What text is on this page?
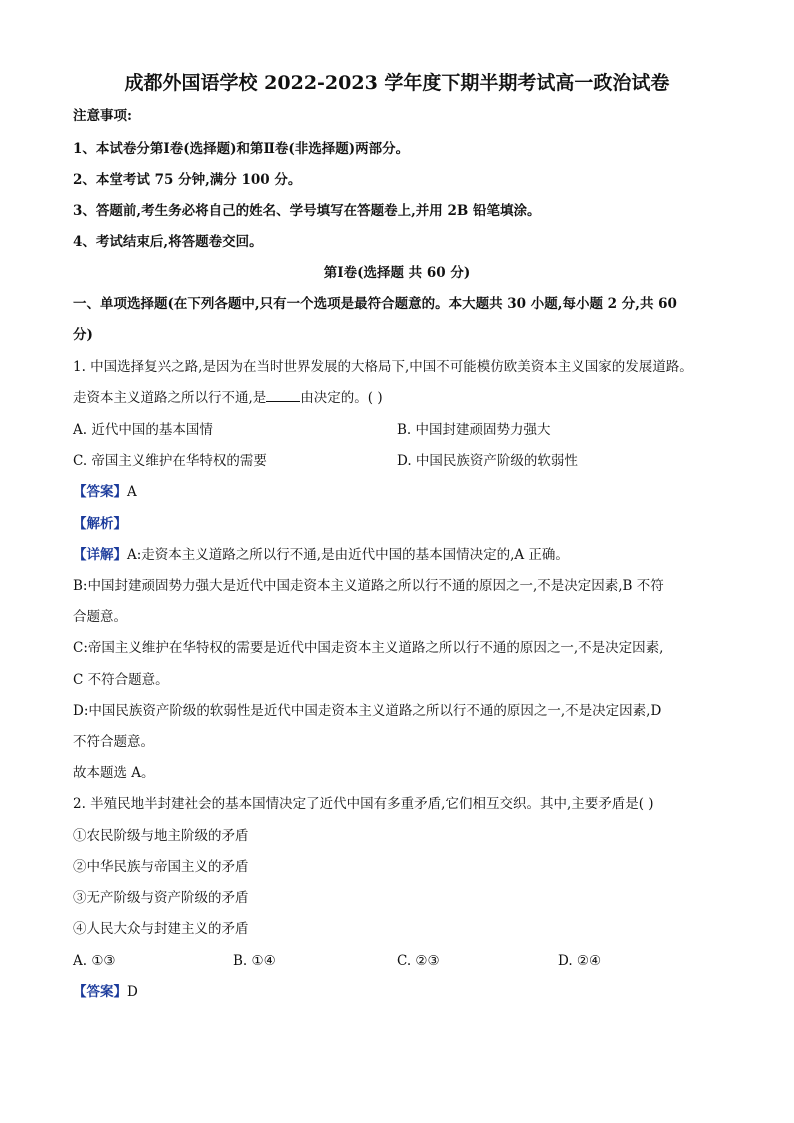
成都外国语学校 2022-2023 学年度下期半期考试高一政治试卷
注意事项:
1、本试卷分第Ⅰ卷(选择题)和第Ⅱ卷(非选择题)两部分。
2、本堂考试 75 分钟,满分 100 分。
3、答题前,考生务必将自己的姓名、学号填写在答题卷上,并用 2B 铅笔填涂。
4、考试结束后,将答题卷交回。
第Ⅰ卷(选择题 共 60 分)
一、单项选择题(在下列各题中,只有一个选项是最符合题意的。本大题共 30 小题,每小题 2 分,共 60
分)
1. 中国选择复兴之路,是因为在当时世界发展的大格局下,中国不可能模仿欧美资本主义国家的发展道路。
走资本主义道路之所以行不通,是	由决定的。( )
A. 近代中国的基本国情	B. 中国封建顽固势力强大
C. 帝国主义维护在华特权的需要	D. 中国民族资产阶级的软弱性
【答案】A
【解析】
【详解】A:走资本主义道路之所以行不通,是由近代中国的基本国情决定的,A 正确。
B:中国封建顽固势力强大是近代中国走资本主义道路之所以行不通的原因之一,不是决定因素,B 不符
合题意。
C:帝国主义维护在华特权的需要是近代中国走资本主义道路之所以行不通的原因之一,不是决定因素,
C 不符合题意。
D:中国民族资产阶级的软弱性是近代中国走资本主义道路之所以行不通的原因之一,不是决定因素,D
不符合题意。
故本题选 A。
2. 半殖民地半封建社会的基本国情决定了近代中国有多重矛盾,它们相互交织。其中,主要矛盾是( )
①农民阶级与地主阶级的矛盾
②中华民族与帝国主义的矛盾
③无产阶级与资产阶级的矛盾
④人民大众与封建主义的矛盾
A. ①③	B. ①④	C. ②③	D. ②④
【答案】D
